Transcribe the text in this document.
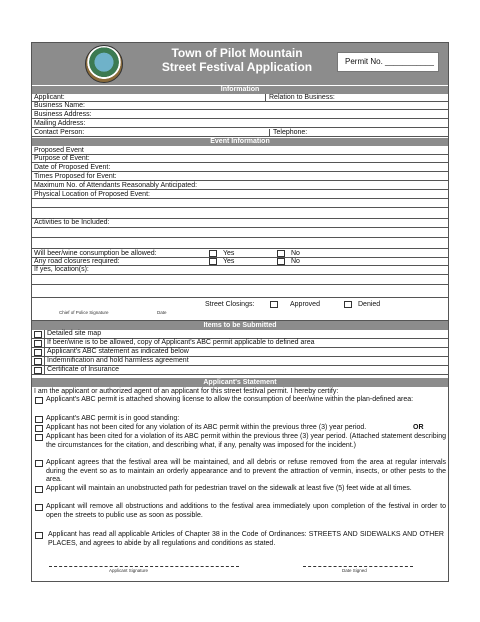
Town of Pilot Mountain
Street Festival Application	Permit No. ___________
Information
Applicant:	Relation to Business:
Business Name:
Business Address:
Mailing Address:
Contact Person:	Telephone:
Event Information
Proposed Event
Purpose of Event:
Date of Proposed Event:
Times Proposed for Event:
Maximum No. of Attendants Reasonably Anticipated:
Physical Location of Proposed Event:
Activities to be Included:
Will beer/wine consumption be allowed:	Yes	No
Any road closures required:	Yes	No
If yes, location(s):
Street Closings:	Approved	Denied
Chief of Police Signature	Date
Items to be Submitted
Detailed site map
If beer/wine is to be allowed, copy of Applicant's ABC permit applicable to defined area
Applicant's ABC statement as indicated below
Indemnification and hold harmless agreement
Certificate of Insurance
Applicant's Statement
I am the applicant or authorized agent of an applicant for this street festival permit. I hereby certify:
Applicant's ABC permit is attached showing license to allow the consumption of beer/wine within the plan-defined area:
Applicant's ABC permit is in good standing:
Applicant has not been cited for any violation of its ABC permit within the previous three (3) year period.
Applicant has been cited for a violation of its ABC permit within the previous three (3) year period. (Attached statement describing the circumstances for the citation, and describing what, if any, penalty was imposed for the incident.)
Applicant agrees that the festival area will be maintained, and all debris or refuse removed from the area at regular intervals during the event so as to maintain an orderly appearance and to prevent the attraction of vermin, insects, or other pests to the area.
Applicant will maintain an unobstructed path for pedestrian travel on the sidewalk at least five (5) feet wide at all times.
Applicant will remove all obstructions and additions to the festival area immediately upon completion of the festival in order to open the streets to public use as soon as possible.
OR
Applicant has read all applicable Articles of Chapter 38 in the Code of Ordinances: STREETS AND SIDEWALKS AND OTHER PLACES, and agrees to abide by all regulations and conditions as stated.
Applicant Signature	Date Signed
